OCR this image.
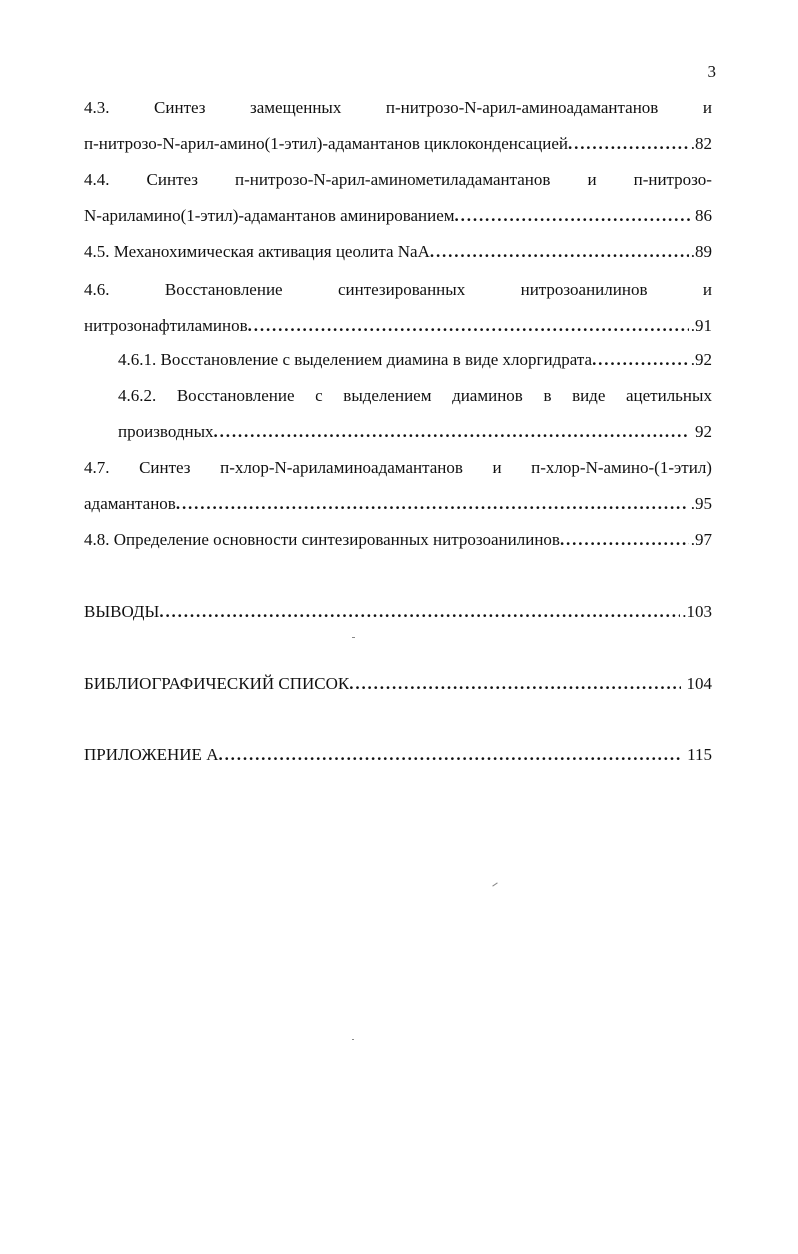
3
4.3.	Синтез	замещенных	п-нитрозо-N-арил-аминоадамантанов	и
п-нитрозо-N-арил-амино(1-этил)-адамантанов циклоконденсацией . . .	.82
4.4. Синтез п-нитрозо-N-арил-аминометиладамантанов и п-нитрозо-
N-ариламино(1-этил)-адамантанов аминированием . . .	86
4.5. Механохимическая активация цеолита NaA . . .	.89
4.6.	Восстановление	синтезированных	нитрозоанилинов	и
нитрозонафтиламинов . . .	.91
4.6.1. Восстановление с выделением диамина в виде хлоргидрата . . .	.92
4.6.2. Восстановление с выделением диаминов в виде ацетильных
производных . . .	92
4.7. Синтез п-хлор-N-ариламиноадамантанов и п-хлор-N-амино-(1-этил)
адамантанов . . .	.95
4.8. Определение основности синтезированных нитрозоанилинов . . .	.97
ВЫВОДЫ . . .	.103
БИБЛИОГРАФИЧЕСКИЙ СПИСОК . . .	104
ПРИЛОЖЕНИЕ А . . .	115
